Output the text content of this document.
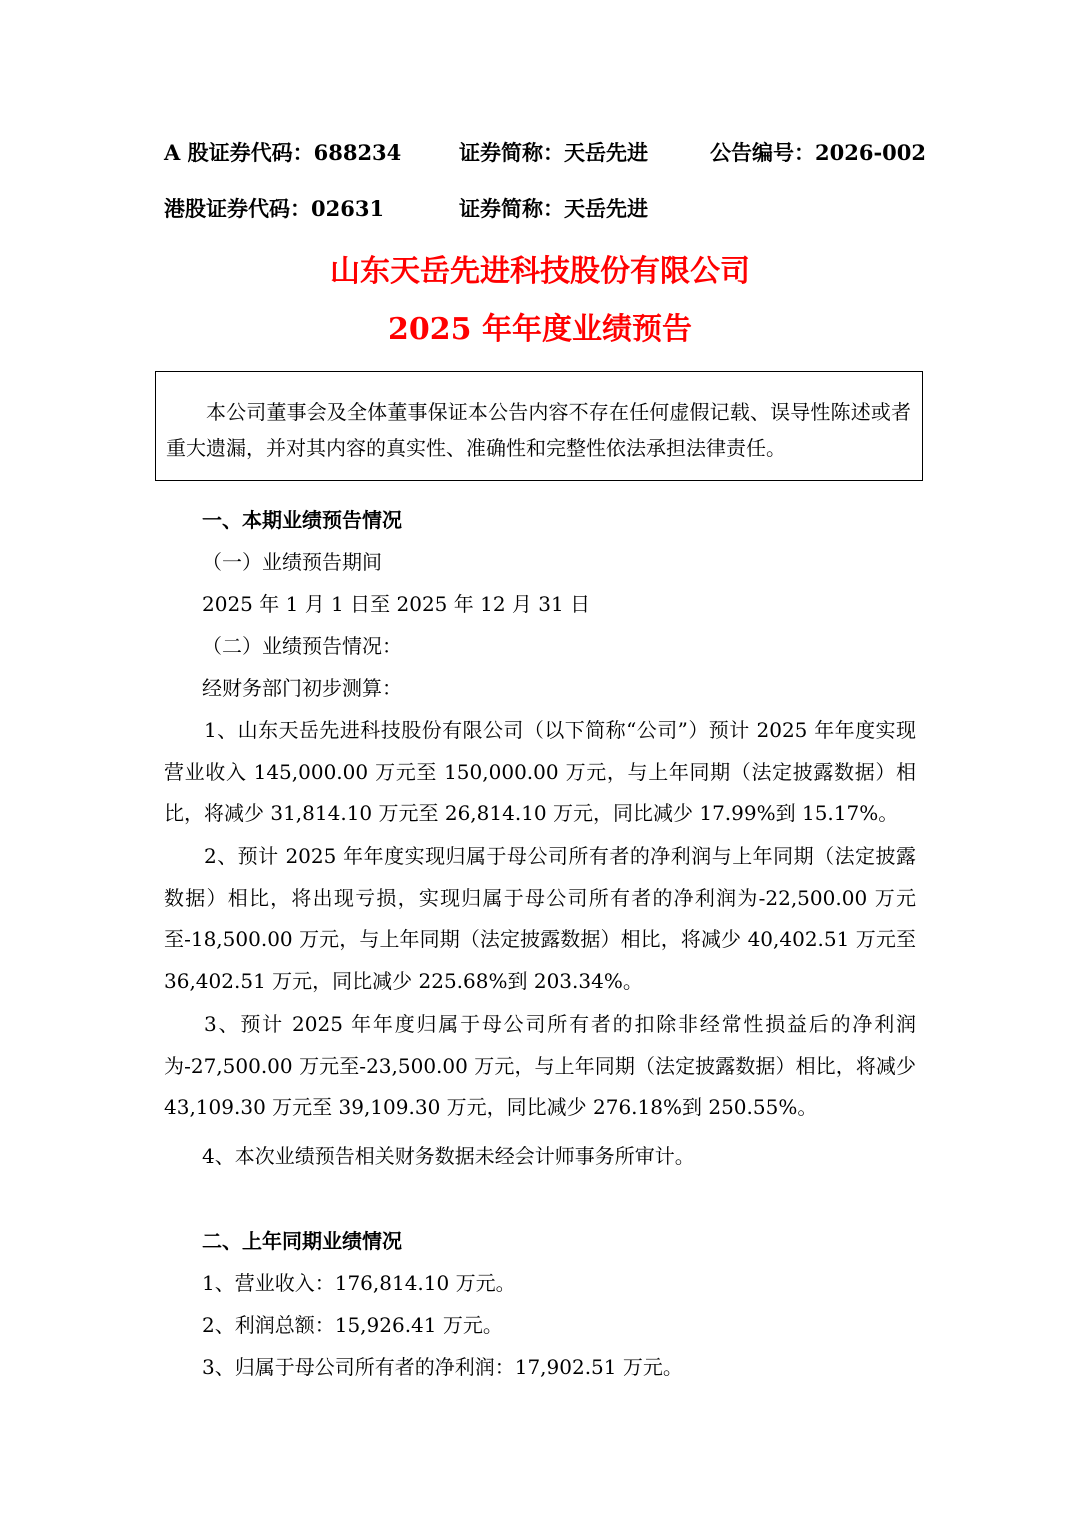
A 股证券代码：688234	证券简称：天岳先进	公告编号：2026-002
港股证券代码：02631	证券简称：天岳先进
山东天岳先进科技股份有限公司
2025 年年度业绩预告
本公司董事会及全体董事保证本公告内容不存在任何虚假记载、误导性陈述或者重大遗漏，并对其内容的真实性、准确性和完整性依法承担法律责任。
一、本期业绩预告情况
（一）业绩预告期间
2025 年 1 月 1 日至 2025 年 12 月 31 日
（二）业绩预告情况：
经财务部门初步测算：
1、山东天岳先进科技股份有限公司（以下简称“公司”）预计 2025 年年度实现营业收入 145,000.00 万元至 150,000.00 万元，与上年同期（法定披露数据）相比，将减少 31,814.10 万元至 26,814.10 万元，同比减少 17.99%到 15.17%。
2、预计 2025 年年度实现归属于母公司所有者的净利润与上年同期（法定披露数据）相比，将出现亏损，实现归属于母公司所有者的净利润为-22,500.00 万元至-18,500.00 万元，与上年同期（法定披露数据）相比，将减少 40,402.51 万元至 36,402.51 万元，同比减少 225.68%到 203.34%。
3、预计 2025 年年度归属于母公司所有者的扣除非经常性损益后的净利润为-27,500.00 万元至-23,500.00 万元，与上年同期（法定披露数据）相比，将减少 43,109.30 万元至 39,109.30 万元，同比减少 276.18%到 250.55%。
4、本次业绩预告相关财务数据未经会计师事务所审计。
二、上年同期业绩情况
1、营业收入：176,814.10 万元。
2、利润总额：15,926.41 万元。
3、归属于母公司所有者的净利润：17,902.51 万元。
